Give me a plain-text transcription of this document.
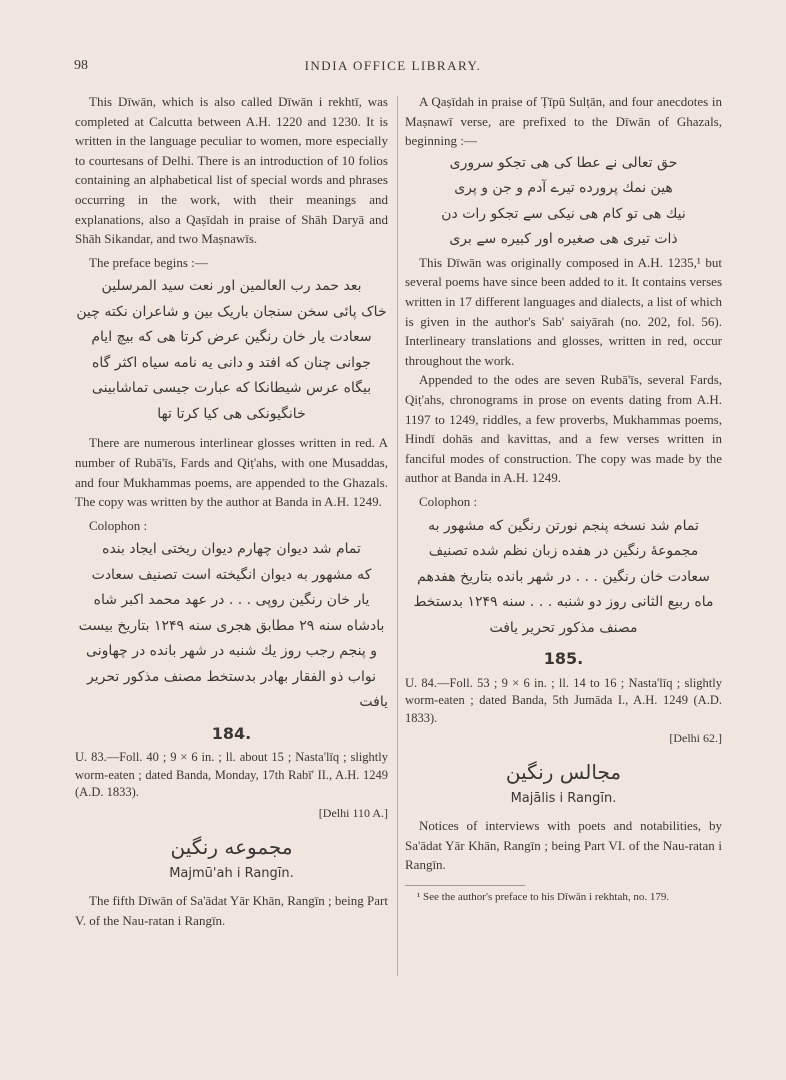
98	INDIA OFFICE LIBRARY.

This Dīwān, which is also called Dīwān i rekhtī, was completed at Calcutta between A.H. 1220 and 1230. It is written in the language peculiar to women, more especially to courtesans of Delhi. There is an introduction of 10 folios containing an alphabetical list of special words and phrases occurring in the work, with their meanings and explanations, also a Qaṣīdah in praise of Shāh Daryā and Shāh Sikandar, and two Maṣnawīs.

The preface begins :—

بعد حمد رب العالمین اور نعت سید المرسلین

خاک پائی سخن سنجان باریک بین و شاعران نکته چین

سعادت یار خان رنگین عرض کرتا هی که بیچ ایام

جوانی چنان که افتد و دانی یه نامه سیاه اکثر گاه

بیگاه عرس شیطانکا که عبارت جیسی تماشابینی

خانگیونکی هی کیا کرتا تها

There are numerous interlinear glosses written in red. A number of Rubā'īs, Fards and Qiṭ'ahs, with one Musaddas, and four Mukhammas poems, are appended to the Ghazals. The copy was written by the author at Banda in A.H. 1249.

Colophon :

تمام شد دیوان چهارم دیوان ریختی ایجاد بنده

که مشهور به دیوان انگیخته است تصنیف سعادت

یار خان رنگین روپی . . . در عهد محمد اکبر شاه

بادشاه سنه ۲۹ مطابق هجری سنه ۱۲۴۹ بتاریخ بیست

و پنجم رجب روز یك شنبه در شهر بانده در چهاونی

نواب ذو الفقار بهادر بدستخط مصنف مذکور تحریر

یافت

184.

U. 83.—Foll. 40 ; 9 × 6 in. ; ll. about 15 ; Nasta'līq ; slightly worm-eaten ; dated Banda, Monday, 17th Rabī' II., A.H. 1249 (A.D. 1833).

[Delhi 110 A.]

مجموعه رنگین

Majmū'ah i Rangīn.

The fifth Dīwān of Sa'ādat Yār Khān, Rangīn ; being Part V. of the Nau-ratan i Rangīn.

A Qaṣīdah in praise of Ṭīpū Sulṭān, and four anecdotes in Maṣnawī verse, are prefixed to the Dīwān of Ghazals, beginning :—

حق تعالی نے عطا کی هی تجکو سروری

هین نمك پرورده تیرے آدم و جن و پری

نیك هی تو کام هی نیکی سے تجکو رات دن

ذات تیری هی صغیره اور کبیره سے بری

This Dīwān was originally composed in A.H. 1235,¹ but several poems have since been added to it. It contains verses written in 17 different languages and dialects, a list of which is given in the author's Sab' saiyārah (no. 202, fol. 56). Interlineary translations and glosses, written in red, occur throughout the work.

Appended to the odes are seven Rubā'īs, several Fards, Qiṭ'ahs, chronograms in prose on events dating from A.H. 1197 to 1249, riddles, a few proverbs, Mukhammas poems, Hindī dohās and kavittas, and a few verses written in fanciful modes of construction. The copy was made by the author at Banda in A.H. 1249.

Colophon :

تمام شد نسخه پنجم نورتن رنگین که مشهور به

مجموعهٔ رنگین در هفده زبان نظم شده تصنیف

سعادت خان رنگین . . . در شهر بانده بتاریخ هفدهم

ماه ربیع الثانی روز دو شنبه . . . سنه ۱۲۴۹ بدستخط

مصنف مذکور تحریر یافت

185.

U. 84.—Foll. 53 ; 9 × 6 in. ; ll. 14 to 16 ; Nasta'līq ; slightly worm-eaten ; dated Banda, 5th Jumāda I., A.H. 1249 (A.D. 1833).

[Delhi 62.]

مجالس رنگین

Majālis i Rangīn.

Notices of interviews with poets and notabilities, by Sa'ādat Yār Khān, Rangīn ; being Part VI. of the Nau-ratan i Rangīn.

¹ See the author's preface to his Dīwān i rekhtah, no. 179.
